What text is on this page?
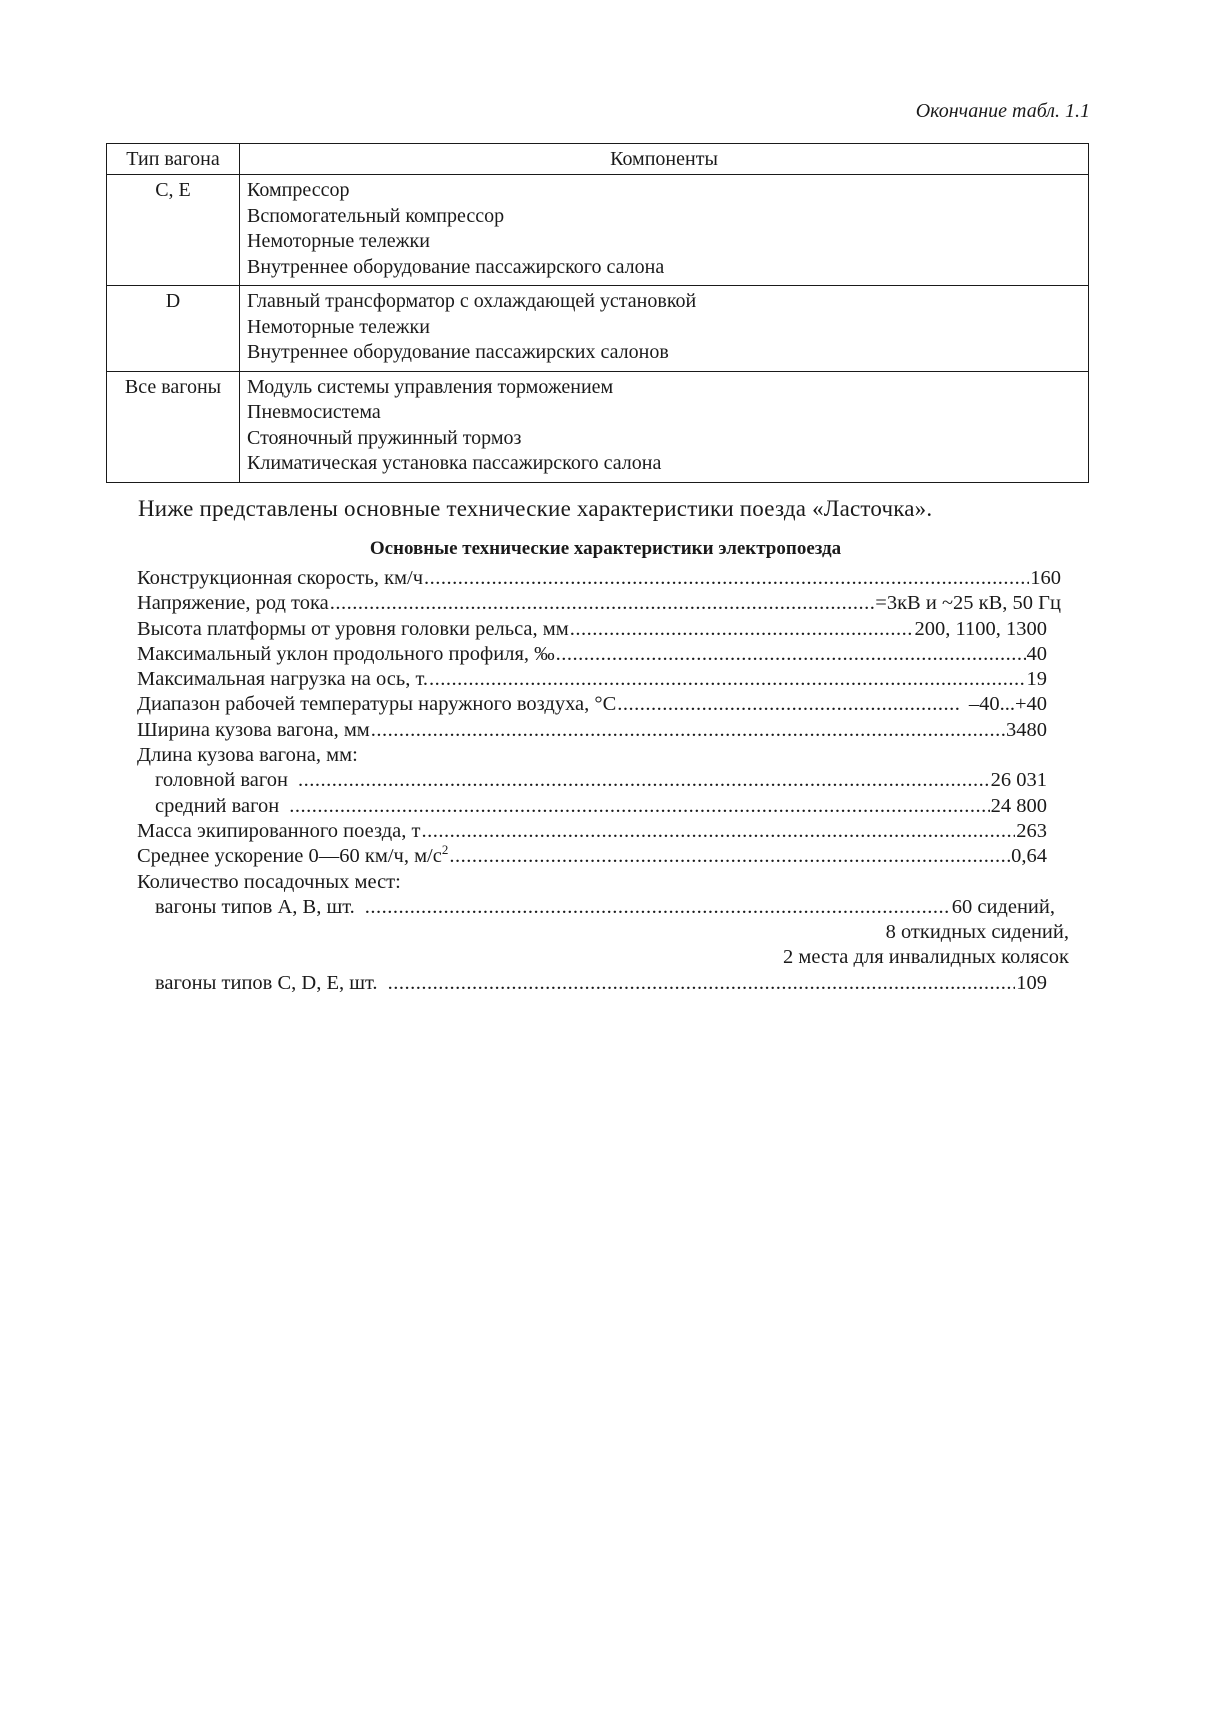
Окончание табл. 1.1
Тип вагона	Компоненты
C, E	Компрессор
Вспомогательный компрессор
Немоторные тележки
Внутреннее оборудование пассажирского салона

D	Главный трансформатор с охлаждающей установкой
Немоторные тележки
Внутреннее оборудование пассажирских салонов

Все вагоны	Модуль системы управления торможением
Пневмосистема
Стояночный пружинный тормоз
Климатическая установка пассажирского салона
Ниже представлены основные технические характеристики поезда «Ласточка».
Основные технические характеристики электропоезда
Конструкционная скорость, км/ч .....	160
Напряжение, род тока .....	=3кВ и ~25 кВ, 50 Гц
Высота платформы от уровня головки рельса, мм .....	200, 1100, 1300
Максимальный уклон продольного профиля, ‰ .....	40
Максимальная нагрузка на ось, т. .....	19
Диапазон рабочей температуры наружного воздуха, °С .....	–40...+40
Ширина кузова вагона, мм .....	3480
Длина кузова вагона, мм:
головной вагон .....	26 031
средний вагон .....	24 800
Масса экипированного поезда, т .....	263
Среднее ускорение 0—60 км/ч, $м/с^2$ .....	0,64
Количество посадочных мест:
вагоны типов А, В, шт. .....	60 сидений,
8 откидных сидений,
2 места для инвалидных колясок
вагоны типов С, D, E, шт. .....	109
